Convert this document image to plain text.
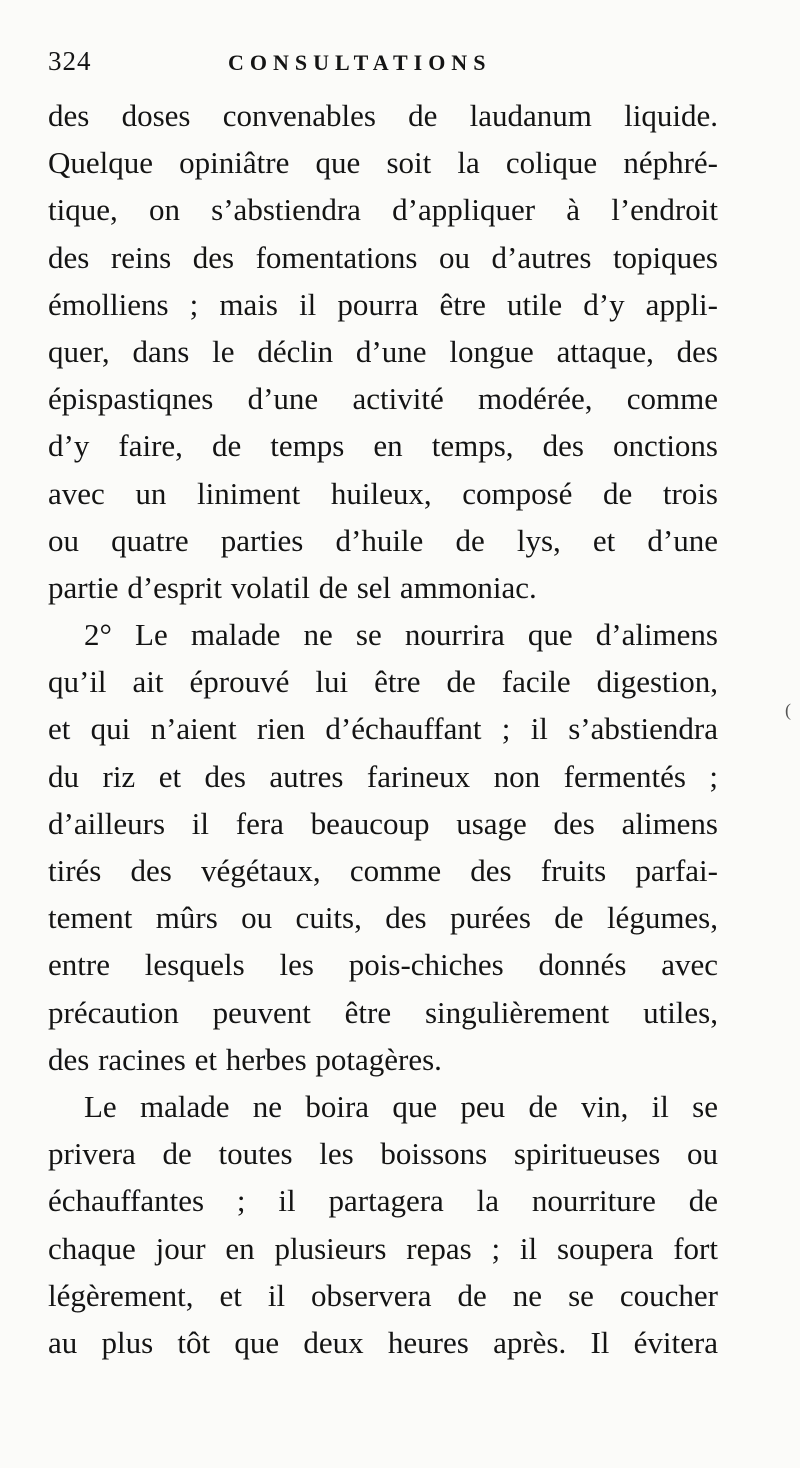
324	CONSULTATIONS
des doses convenables de laudanum liquide.
Quelque opiniâtre que soit la colique néphré-
tique, on s’abstiendra d’appliquer à l’endroit
des reins des fomentations ou d’autres topiques
émolliens ; mais il pourra être utile d’y appli-
quer, dans le déclin d’une longue attaque, des
épispastiqnes d’une activité modérée, comme
d’y faire, de temps en temps, des onctions
avec un liniment huileux, composé de trois
ou quatre parties d’huile de lys, et d’une
partie d’esprit volatil de sel ammoniac.
2° Le malade ne se nourrira que d’alimens
qu’il ait éprouvé lui être de facile digestion,
et qui n’aient rien d’échauffant ; il s’abstiendra
du riz et des autres farineux non fermentés ;
d’ailleurs il fera beaucoup usage des alimens
tirés des végétaux, comme des fruits parfai-
tement mûrs ou cuits, des purées de légumes,
entre lesquels les pois-chiches donnés avec
précaution peuvent être singulièrement utiles,
des racines et herbes potagères.
Le malade ne boira que peu de vin, il se
privera de toutes les boissons spiritueuses ou
échauffantes ; il partagera la nourriture de
chaque jour en plusieurs repas ; il soupera fort
légèrement, et il observera de ne se coucher
au plus tôt que deux heures après. Il évitera
(
